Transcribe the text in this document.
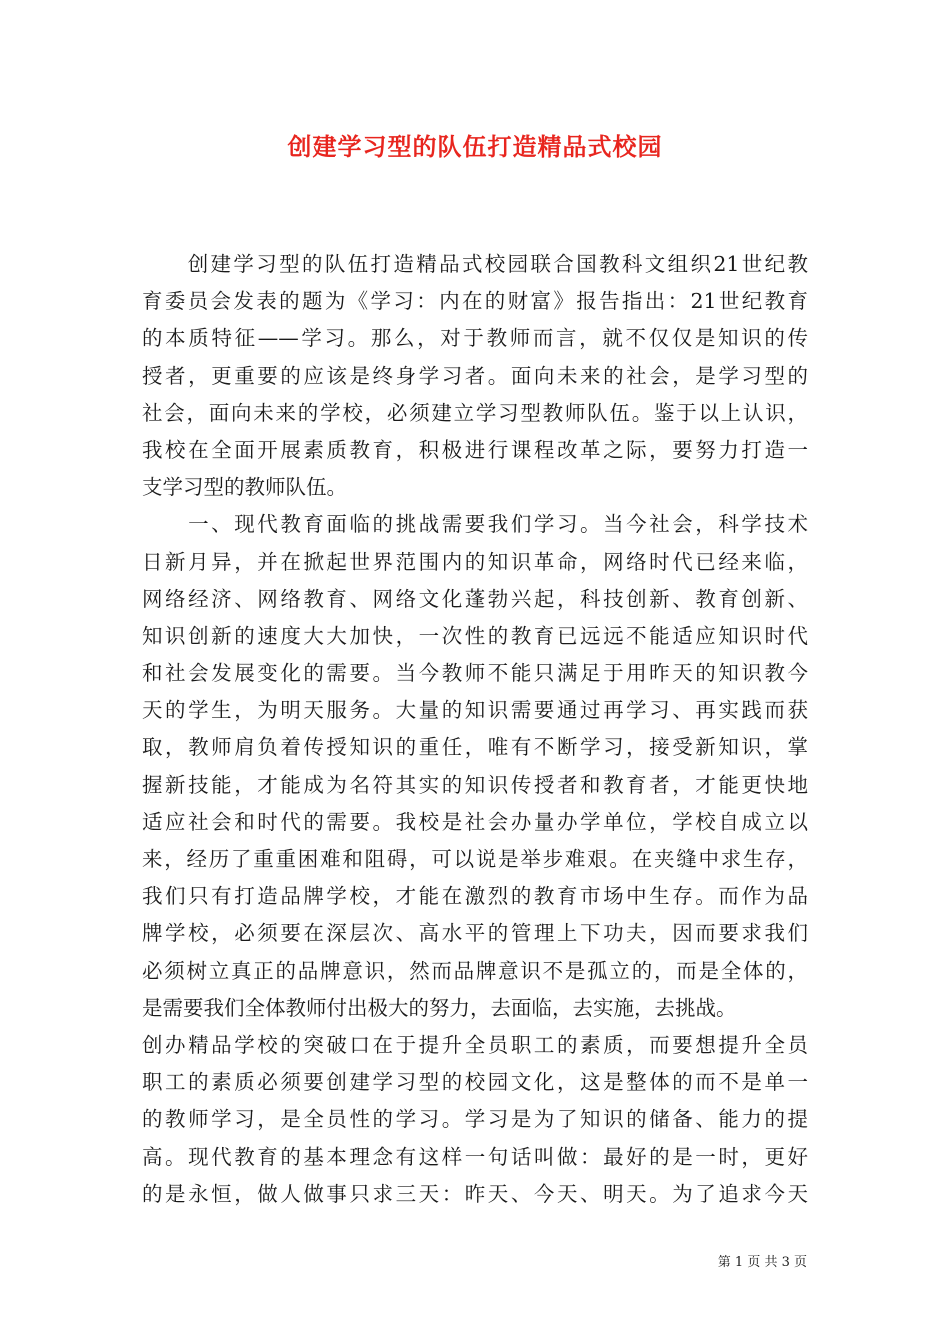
创建学习型的队伍打造精品式校园
　　创建学习型的队伍打造精品式校园联合国教科文组织21世纪教
育委员会发表的题为《学习：内在的财富》报告指出：21世纪教育
的本质特征——学习。那么，对于教师而言，就不仅仅是知识的传
授者，更重要的应该是终身学习者。面向未来的社会，是学习型的
社会，面向未来的学校，必须建立学习型教师队伍。鉴于以上认识，
我校在全面开展素质教育，积极进行课程改革之际，要努力打造一
支学习型的教师队伍。
　　一、现代教育面临的挑战需要我们学习。当今社会，科学技术
日新月异，并在掀起世界范围内的知识革命，网络时代已经来临，
网络经济、网络教育、网络文化蓬勃兴起，科技创新、教育创新、
知识创新的速度大大加快，一次性的教育已远远不能适应知识时代
和社会发展变化的需要。当今教师不能只满足于用昨天的知识教今
天的学生，为明天服务。大量的知识需要通过再学习、再实践而获
取，教师肩负着传授知识的重任，唯有不断学习，接受新知识，掌
握新技能，才能成为名符其实的知识传授者和教育者，才能更快地
适应社会和时代的需要。我校是社会办量办学单位，学校自成立以
来，经历了重重困难和阻碍，可以说是举步难艰。在夹缝中求生存，
我们只有打造品牌学校，才能在激烈的教育市场中生存。而作为品
牌学校，必须要在深层次、高水平的管理上下功夫，因而要求我们
必须树立真正的品牌意识，然而品牌意识不是孤立的，而是全体的，
是需要我们全体教师付出极大的努力，去面临，去实施，去挑战。
创办精品学校的突破口在于提升全员职工的素质，而要想提升全员
职工的素质必须要创建学习型的校园文化，这是整体的而不是单一
的教师学习，是全员性的学习。学习是为了知识的储备、能力的提
高。现代教育的基本理念有这样一句话叫做：最好的是一时，更好
的是永恒，做人做事只求三天：昨天、今天、明天。为了追求今天
第 1 页 共 3 页
